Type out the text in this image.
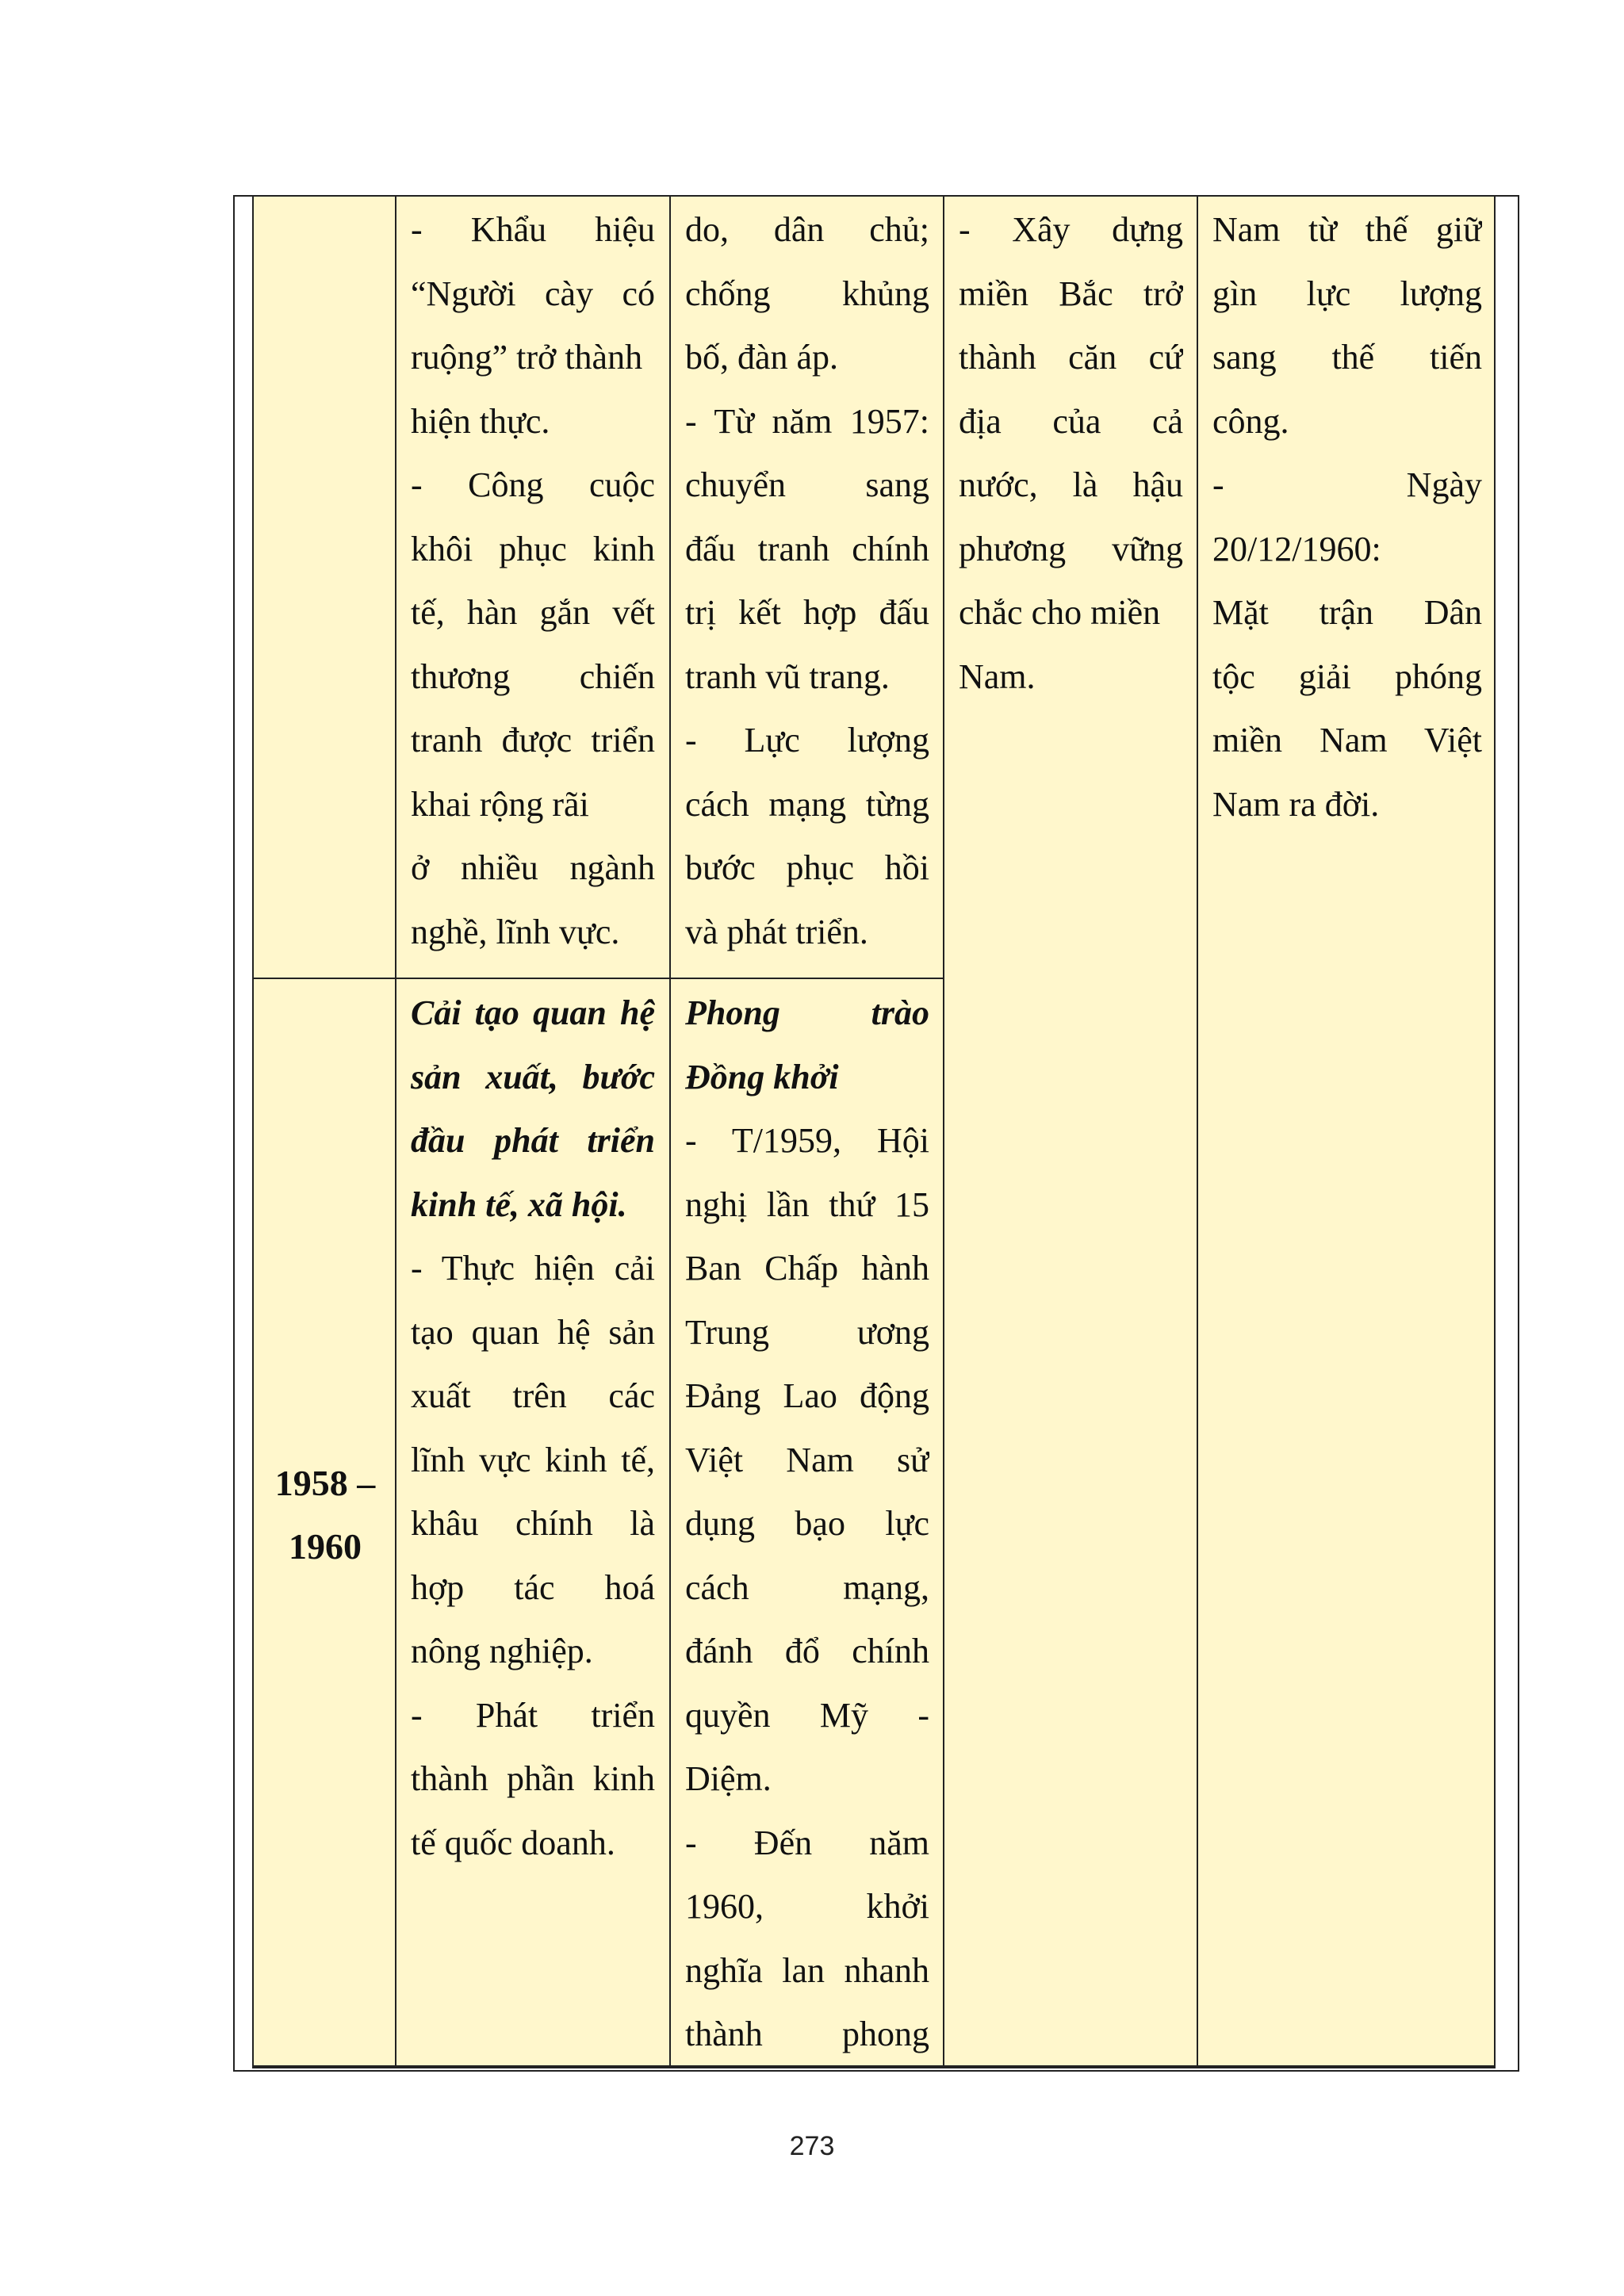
- Khẩu hiệu
“Người cày có
ruộng” trở thành
hiện thực.
- Công cuộc
khôi phục kinh
tế, hàn gắn vết
thương chiến
tranh được triển
khai rộng rãi
ở nhiều ngành
nghề, lĩnh vực.
do, dân chủ;
chống khủng
bố, đàn áp.
- Từ năm 1957:
chuyển sang
đấu tranh chính
trị kết hợp đấu
tranh vũ trang.
- Lực lượng
cách mạng từng
bước phục hồi
và phát triển.
- Xây dựng
miền Bắc trở
thành căn cứ
địa của cả
nước, là hậu
phương vững
chắc cho miền
Nam.
Nam từ thế giữ
gìn lực lượng
sang thế tiến
công.
- Ngày
20/12/1960:
Mặt trận Dân
tộc giải phóng
miền Nam Việt
Nam ra đời.
1958 –
1960
Cải tạo quan hệ
sản xuất, bước
đầu phát triển
kinh tế, xã hội.
- Thực hiện cải
tạo quan hệ sản
xuất trên các
lĩnh vực kinh tế,
khâu chính là
hợp tác hoá
nông nghiệp.
- Phát triển
thành phần kinh
tế quốc doanh.
Phong trào
Đồng khởi
- T/1959, Hội
nghị lần thứ 15
Ban Chấp hành
Trung ương
Đảng Lao động
Việt Nam sử
dụng bạo lực
cách mạng,
đánh đổ chính
quyền Mỹ -
Diệm.
- Đến năm
1960, khởi
nghĩa lan nhanh
thành phong
273
